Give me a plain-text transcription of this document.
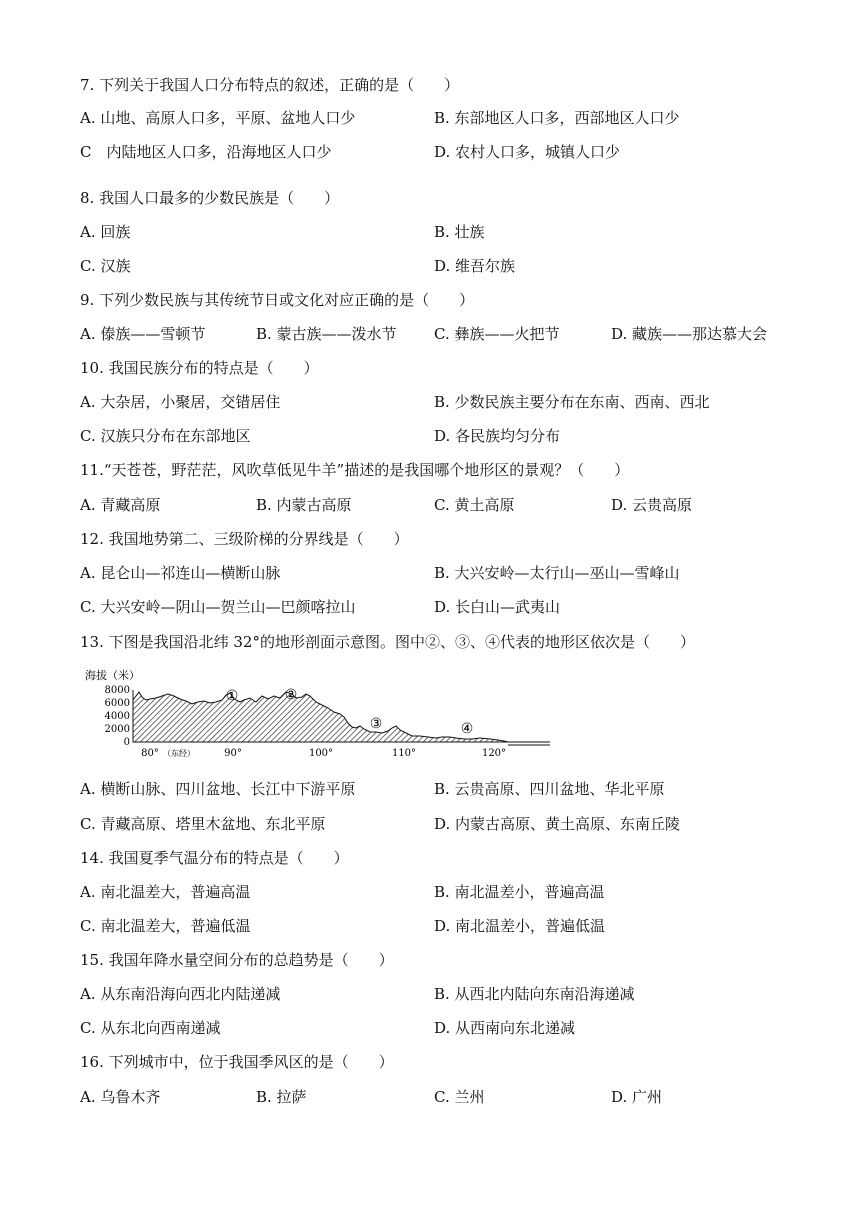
7. 下列关于我国人口分布特点的叙述，正确的是（　　）
A. 山地、高原人口多，平原、盆地人口少	B. 东部地区人口多，西部地区人口少
C　内陆地区人口多，沿海地区人口少	D. 农村人口多，城镇人口少
8. 我国人口最多的少数民族是（　　）
A. 回族	B. 壮族
C. 汉族	D. 维吾尔族
9. 下列少数民族与其传统节日或文化对应正确的是（　　）
A. 傣族——雪顿节	B. 蒙古族——泼水节 C. 彝族——火把节	D. 藏族——那达慕大会
10. 我国民族分布的特点是（　　）
A. 大杂居，小聚居，交错居住	B. 少数民族主要分布在东南、西南、西北
C. 汉族只分布在东部地区	D. 各民族均匀分布
11.“天苍苍，野茫茫，风吹草低见牛羊”描述的是我国哪个地形区的景观？（　　）
A. 青藏高原	B. 内蒙古高原	C. 黄土高原	D. 云贵高原
12. 我国地势第二、三级阶梯的分界线是（　　）
A. 昆仑山—祁连山—横断山脉	B. 大兴安岭—太行山—巫山—雪峰山
C. 大兴安岭—阴山—贺兰山—巴颜喀拉山	D. 长白山—武夷山
13. 下图是我国沿北纬 32°的地形剖面示意图。图中②、③、④代表的地形区依次是（　　）
海拔（米）
8000
6000
4000
2000
0
①	②
③	④
80° （东经）	90°	100°	110°	120°
A. 横断山脉、四川盆地、长江中下游平原	B. 云贵高原、四川盆地、华北平原
C. 青藏高原、塔里木盆地、东北平原	D. 内蒙古高原、黄土高原、东南丘陵
14. 我国夏季气温分布的特点是（　　）
A. 南北温差大，普遍高温	B. 南北温差小，普遍高温
C. 南北温差大，普遍低温	D. 南北温差小，普遍低温
15. 我国年降水量空间分布的总趋势是（　　）
A. 从东南沿海向西北内陆递减	B. 从西北内陆向东南沿海递减
C. 从东北向西南递减	D. 从西南向东北递减
16. 下列城市中，位于我国季风区的是（　　）
A. 乌鲁木齐	B. 拉萨	C. 兰州	D. 广州
